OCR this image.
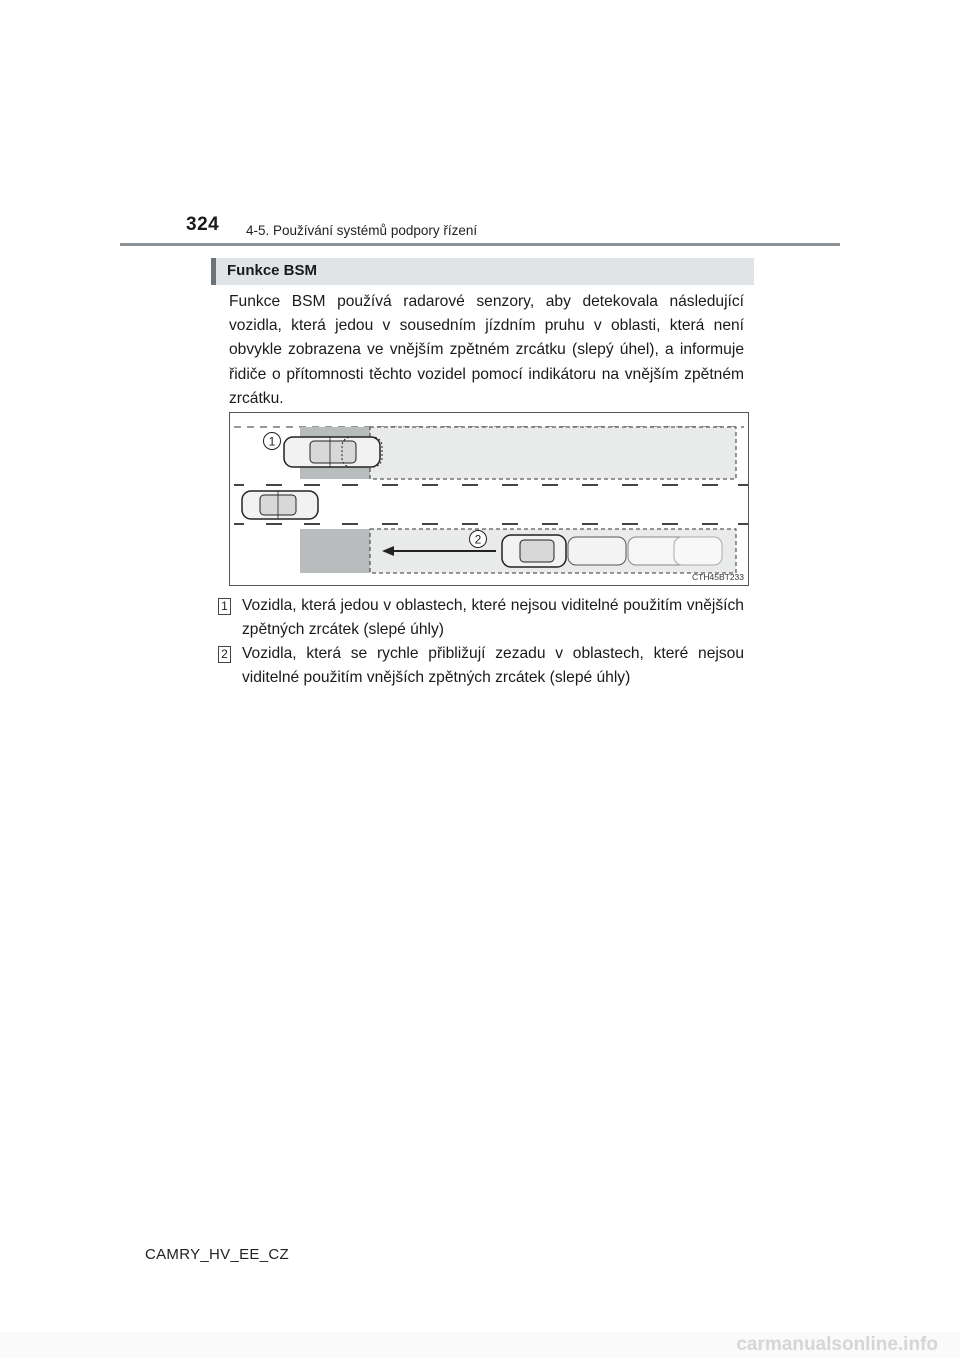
324 4-5. Používání systémů podpory řízení
Funkce BSM

Funkce BSM používá radarové senzory, aby detekovala následující vozidla, která jedou v sousedním jízdním pruhu v oblasti, která není obvykle zobrazena ve vnějším zpětném zrcátku (slepý úhel), a informuje řidiče o přítomnosti těchto vozidel pomocí indikátoru na vnějším zpětném zrcátku.

1
2
CTH45BT233
1 Vozidla, která jedou v oblastech, které nejsou viditelné použitím vnějších zpětných zrcátek (slepé úhly)

2 Vozidla, která se rychle přibližují zezadu v oblastech, které nejsou viditelné použitím vnějších zpětných zrcátek (slepé úhly)

CAMRY_HV_EE_CZ
carmanualsonline.info
